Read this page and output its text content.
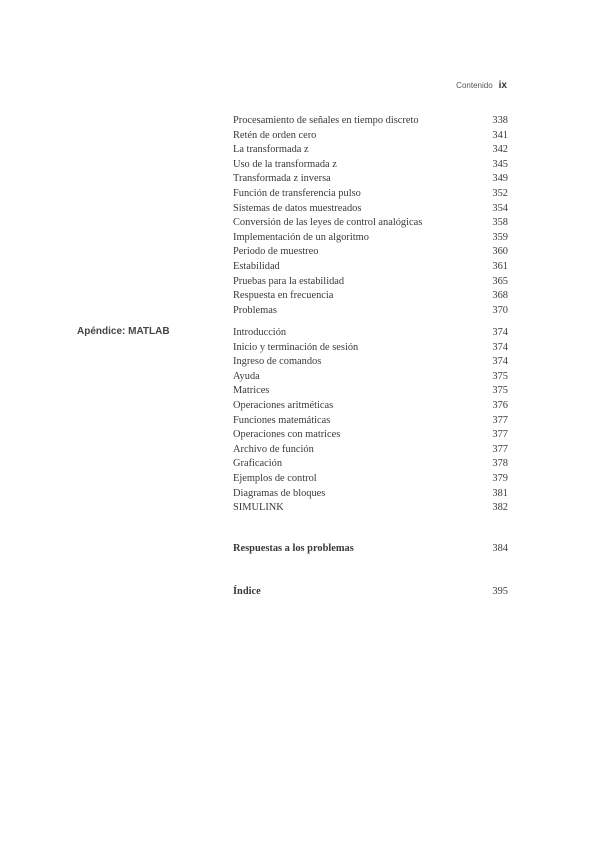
Contenido ix
Procesamiento de señales en tiempo discreto	338
Retén de orden cero	341
La transformada z	342
Uso de la transformada z	345
Transformada z inversa	349
Función de transferencia pulso	352
Sistemas de datos muestreados	354
Conversión de las leyes de control analógicas	358
Implementación de un algoritmo	359
Periodo de muestreo	360
Estabilidad	361
Pruebas para la estabilidad	365
Respuesta en frecuencia	368
Problemas	370
Apéndice: MATLAB	Introducción	374
Inicio y terminación de sesión	374
Ingreso de comandos	374
Ayuda	375
Matrices	375
Operaciones aritméticas	376
Funciones matemáticas	377
Operaciones con matrices	377
Archivo de función	377
Graficación	378
Ejemplos de control	379
Diagramas de bloques	381
SIMULINK	382
Respuestas a los problemas	384
Índice	395
